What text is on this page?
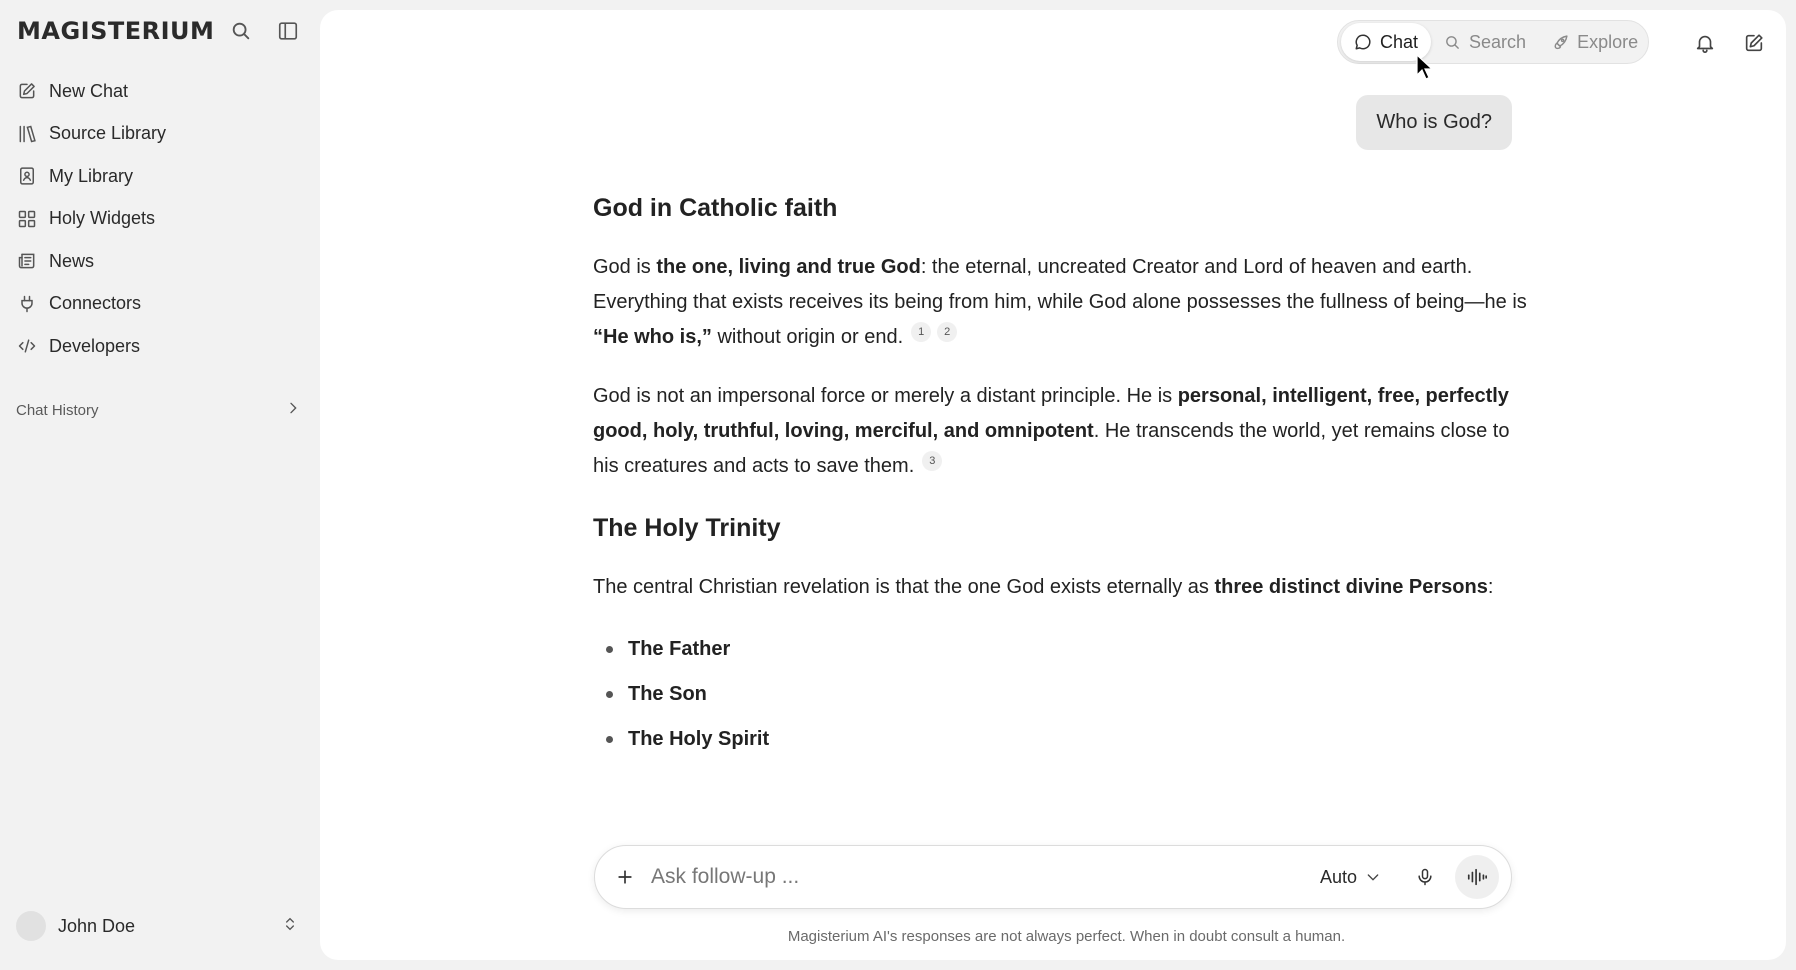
MAGISTERIUM
New Chat
Source Library
My Library
Holy Widgets
News
Connectors
Developers
Chat History
John Doe
Chat	Search	Explore
Who is God?
God in Catholic faith

God is the one, living and true God: the eternal, uncreated Creator and Lord of heaven and earth. Everything that exists receives its being from him, while God alone possesses the fullness of being—he is “He who is,” without origin or end. 1 2

God is not an impersonal force or merely a distant principle. He is personal, intelligent, free, perfectly good, holy, truthful, loving, merciful, and omnipotent. He transcends the world, yet remains close to his creatures and acts to save them. 3

The Holy Trinity

The central Christian revelation is that the one God exists eternally as three distinct divine Persons:

The Father
The Son
The Holy Spirit
Ask follow-up ...
Auto
Magisterium AI's responses are not always perfect. When in doubt consult a human.
